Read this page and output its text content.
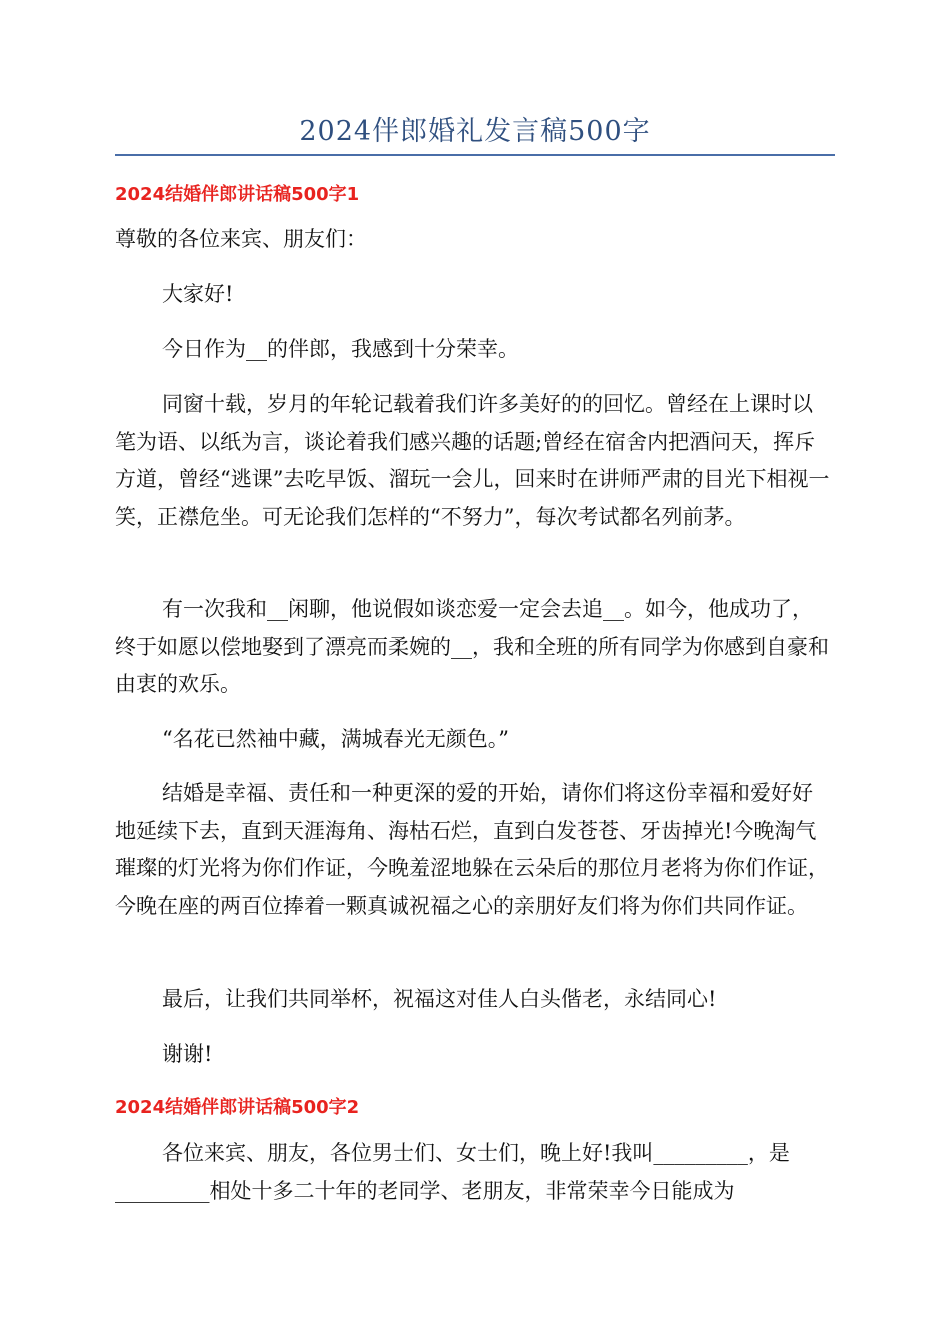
2024伴郎婚礼发言稿500字
2024结婚伴郎讲话稿500字1

尊敬的各位来宾、朋友们：

大家好!

今日作为__的伴郎，我感到十分荣幸。

同窗十载，岁月的年轮记载着我们许多美好的的回忆。曾经在上课时以笔为语、以纸为言，谈论着我们感兴趣的话题;曾经在宿舍内把酒问天，挥斥方道，曾经“逃课”去吃早饭、溜玩一会儿，回来时在讲师严肃的目光下相视一笑，正襟危坐。可无论我们怎样的“不努力”，每次考试都名列前茅。

有一次我和__闲聊，他说假如谈恋爱一定会去追__。如今，他成功了，终于如愿以偿地娶到了漂亮而柔婉的__，我和全班的所有同学为你感到自豪和由衷的欢乐。

“名花已然袖中藏，满城春光无颜色。”

结婚是幸福、责任和一种更深的爱的开始，请你们将这份幸福和爱好好地延续下去，直到天涯海角、海枯石烂，直到白发苍苍、牙齿掉光!今晚淘气璀璨的灯光将为你们作证，今晚羞涩地躲在云朵后的那位月老将为你们作证，今晚在座的两百位捧着一颗真诚祝福之心的亲朋好友们将为你们共同作证。

最后，让我们共同举杯，祝福这对佳人白头偕老，永结同心!

谢谢!

2024结婚伴郎讲话稿500字2

各位来宾、朋友，各位男士们、女士们，晚上好!我叫_________，是_________相处十多二十年的老同学、老朋友，非常荣幸今日能成为
